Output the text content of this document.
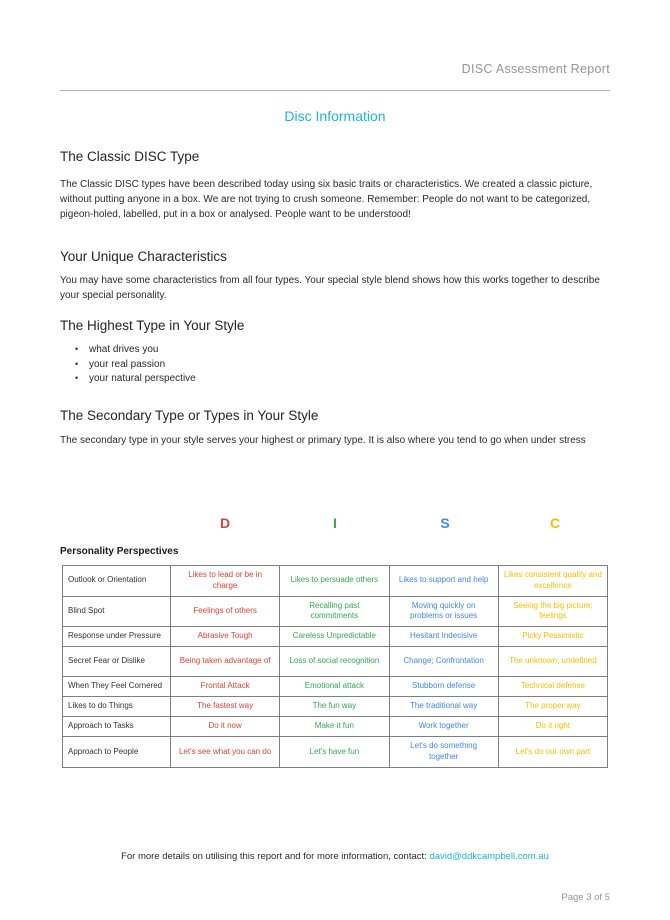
DISC Assessment Report
Disc Information
The Classic DISC Type
The Classic DISC types have been described today using six basic traits or characteristics. We created a classic picture, without putting anyone in a box. We are not trying to crush someone. Remember: People do not want to be categorized, pigeon-holed, labelled, put in a box or analysed. People want to be understood!
Your Unique Characteristics
You may have some characteristics from all four types. Your special style blend shows how this works together to describe your special personality.
The Highest Type in Your Style
• what drives you
• your real passion
• your natural perspective
The Secondary Type or Types in Your Style
The secondary type in your style serves your highest or primary type. It is also where you tend to go when under stress
D	I	S	C
Personality Perspectives
Outlook or Orientation	Likes to lead or be in charge	Likes to persuade others	Likes to support and help	Likes consistent quality and excellence
Blind Spot	Feelings of others	Recalling past commitments	Moving quickly on problems or issues	Seeing the big picture; feelings
Response under Pressure	Abrasive Tough	Careless Unpredictable	Hesitant Indecisive	Picky Pessimistic
Secret Fear or Dislike	Being taken advantage of	Loss of social recognition	Change; Confrontation	The unknown; undefined
When They Feel Cornered	Frontal Attack	Emotional attack	Stubborn defense	Technical defense
Likes to do Things	The fastest way	The fun way	The traditional way	The proper way
Approach to Tasks	Do it now	Make it fun	Work together	Do it right
Approach to People	Let's see what you can do	Let's have fun	Let's do something together	Let's do our own part
For more details on utilising this report and for more information, contact: david@ddkcampbell.com.au
Page 3 of 5
